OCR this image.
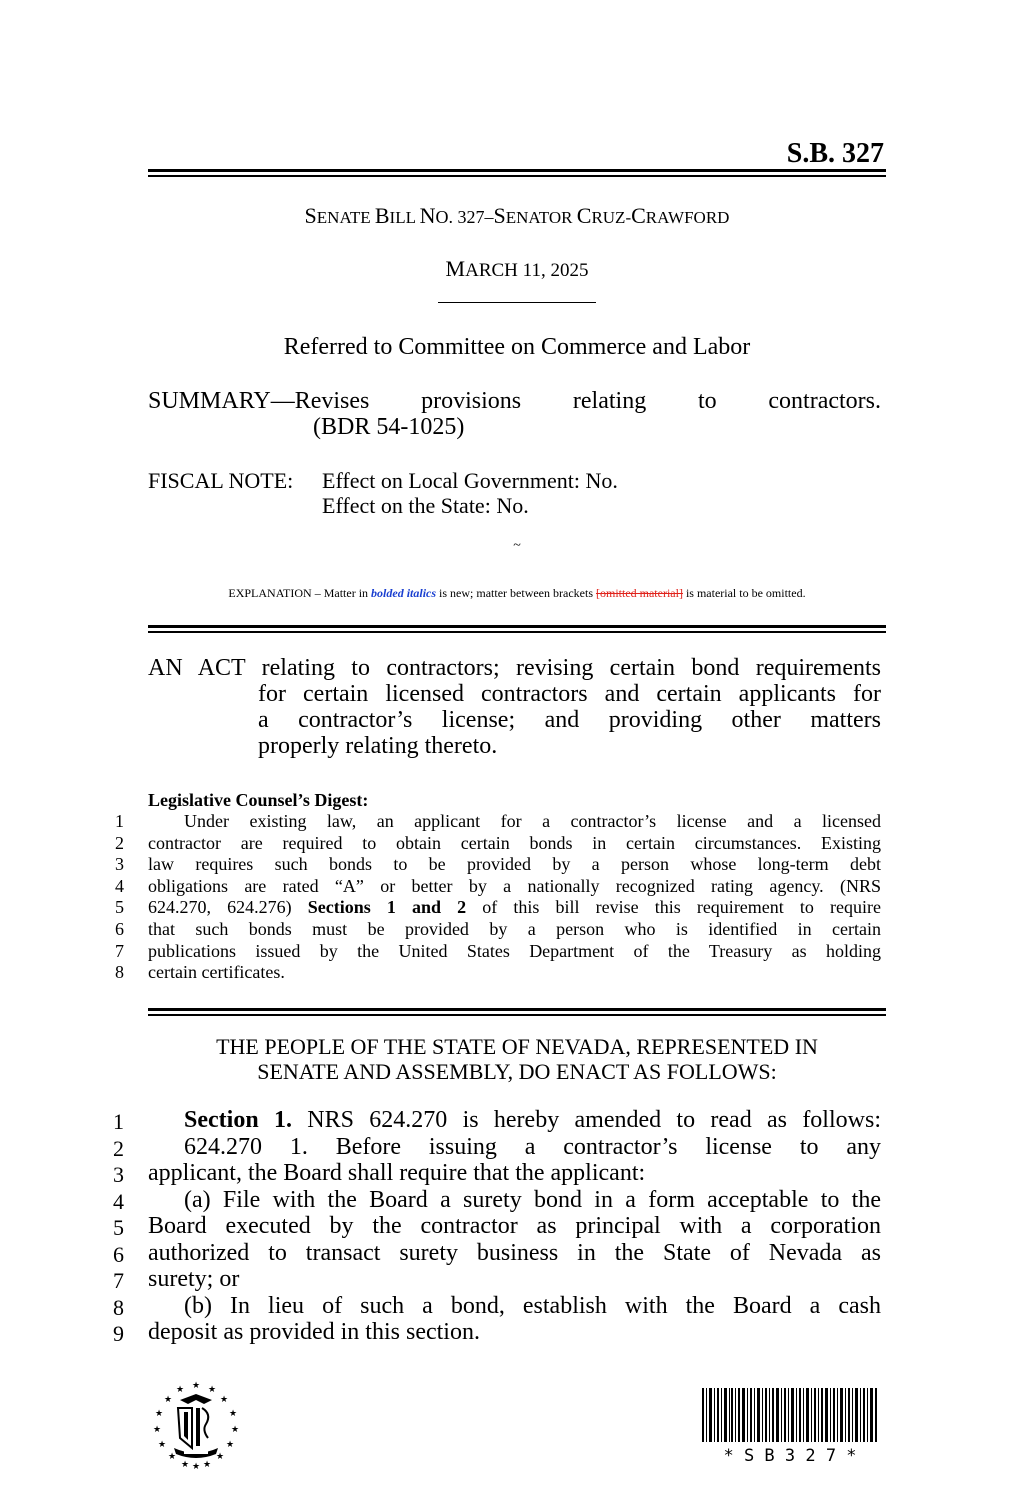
S.B. 327
SENATE BILL NO. 327–SENATOR CRUZ-CRAWFORD
MARCH 11, 2025
Referred to Committee on Commerce and Labor
SUMMARY—Revises provisions relating to contractors.
(BDR 54-1025)
FISCAL NOTE: Effect on Local Government: No.
Effect on the State: No.
~
EXPLANATION – Matter in bolded italics is new; matter between brackets [omitted material] is material to be omitted.
AN ACT relating to contractors; revising certain bond requirements
for certain licensed contractors and certain applicants for
a contractor’s license; and providing other matters
properly relating thereto.
Legislative Counsel’s Digest:
1	Under existing law, an applicant for a contractor’s license and a licensed
2 contractor are required to obtain certain bonds in certain circumstances. Existing
3 law requires such bonds to be provided by a person whose long-term debt
4 obligations are rated “A” or better by a nationally recognized rating agency. (NRS
5 624.270, 624.276) Sections 1 and 2 of this bill revise this requirement to require
6 that such bonds must be provided by a person who is identified in certain
7 publications issued by the United States Department of the Treasury as holding
8 certain certificates.
THE PEOPLE OF THE STATE OF NEVADA, REPRESENTED IN
SENATE AND ASSEMBLY, DO ENACT AS FOLLOWS:
1	Section 1. NRS 624.270 is hereby amended to read as follows:
2	624.270 1. Before issuing a contractor’s license to any
3 applicant, the Board shall require that the applicant:
4	(a) File with the Board a surety bond in a form acceptable to the
5 Board executed by the contractor as principal with a corporation
6 authorized to transact surety business in the State of Nevada as
7 surety; or
8	(b) In lieu of such a bond, establish with the Board a cash
9 deposit as provided in this section.
★
★	★
★	★
★	★
★	★
★	★
★	★
★ ★
★
* S B 3 2 7 *
